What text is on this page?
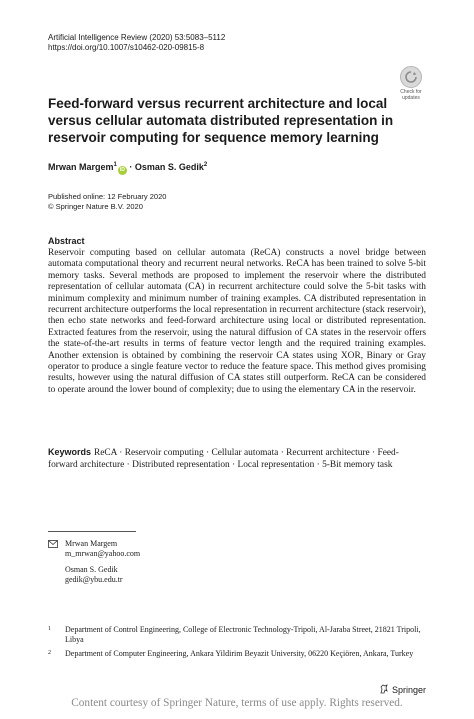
Artificial Intelligence Review (2020) 53:5083–5112
https://doi.org/10.1007/s10462-020-09815-8
Check for
updates
Feed-forward versus recurrent architecture and local versus cellular automata distributed representation in reservoir computing for sequence memory learning
Mrwan Margem$^1$iD · Osman S. Gedik$^2$
Published online: 12 February 2020
© Springer Nature B.V. 2020
Abstract
Reservoir computing based on cellular automata (ReCA) constructs a novel bridge between automata computational theory and recurrent neural networks. ReCA has been trained to solve 5-bit memory tasks. Several methods are proposed to implement the reservoir where the distributed representation of cellular automata (CA) in recurrent architecture could solve the 5-bit tasks with minimum complexity and minimum number of training examples. CA distributed representation in recurrent architecture outperforms the local representation in recurrent architecture (stack reservoir), then echo state networks and feed-forward architecture using local or distributed representation. Extracted features from the reservoir, using the natural diffusion of CA states in the reservoir offers the state-of-the-art results in terms of feature vector length and the required training examples. Another extension is obtained by combining the reservoir CA states using XOR, Binary or Gray operator to produce a single feature vector to reduce the feature space. This method gives promising results, however using the natural diffusion of CA states still outperform. ReCA can be considered to operate around the lower bound of complexity; due to using the elementary CA in the reservoir.
Keywords ReCA · Reservoir computing · Cellular automata · Recurrent architecture · Feed-forward architecture · Distributed representation · Local representation · 5-Bit memory task
Mrwan Margem
m_mrwan@yahoo.com
Osman S. Gedik
gedik@ybu.edu.tr
1	Department of Control Engineering, College of Electronic Technology-Tripoli, Al-Jaraba Street, 21821 Tripoli, Libya
2	Department of Computer Engineering, Ankara Yildirim Beyazit University, 06220 Keçiören, Ankara, Turkey
Springer
Content courtesy of Springer Nature, terms of use apply. Rights reserved.
